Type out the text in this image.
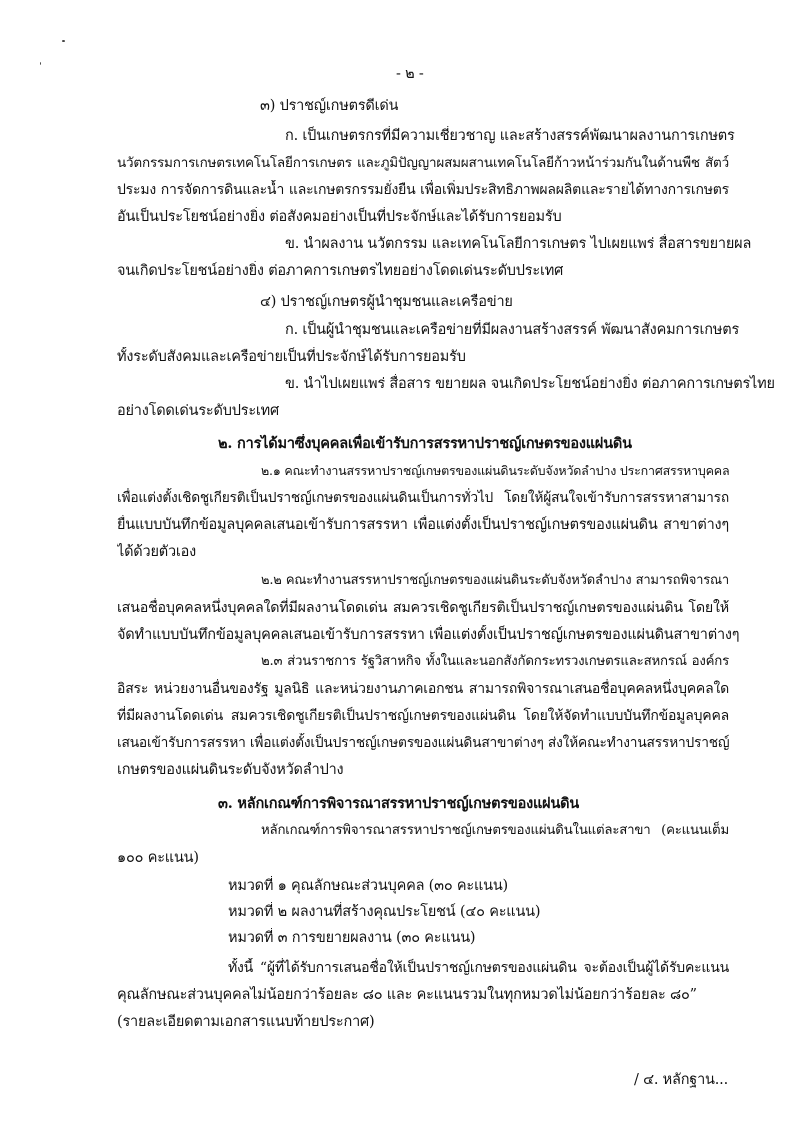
- ๒ -
๓) ปราชญ์เกษตรดีเด่น
ก. เป็นเกษตรกรที่มีความเชี่ยวชาญ และสร้างสรรค์พัฒนาผลงานการเกษตร
นวัตกรรมการเกษตรเทคโนโลยีการเกษตร และภูมิปัญญาผสมผสานเทคโนโลยีก้าวหน้าร่วมกันในด้านพืช สัตว์
ประมง การจัดการดินและน้ำ และเกษตรกรรมยั่งยืน เพื่อเพิ่มประสิทธิภาพผลผลิตและรายได้ทางการเกษตร
อันเป็นประโยชน์อย่างยิ่ง ต่อสังคมอย่างเป็นที่ประจักษ์และได้รับการยอมรับ
ข. นำผลงาน นวัตกรรม และเทคโนโลยีการเกษตร ไปเผยแพร่ สื่อสารขยายผล
จนเกิดประโยชน์อย่างยิ่ง ต่อภาคการเกษตรไทยอย่างโดดเด่นระดับประเทศ
๔) ปราชญ์เกษตรผู้นำชุมชนและเครือข่าย
ก. เป็นผู้นำชุมชนและเครือข่ายที่มีผลงานสร้างสรรค์ พัฒนาสังคมการเกษตร
ทั้งระดับสังคมและเครือข่ายเป็นที่ประจักษ์ได้รับการยอมรับ
ข. นำไปเผยแพร่ สื่อสาร ขยายผล จนเกิดประโยชน์อย่างยิ่ง ต่อภาคการเกษตรไทย
อย่างโดดเด่นระดับประเทศ
๒. การได้มาซึ่งบุคคลเพื่อเข้ารับการสรรหาปราชญ์เกษตรของแผ่นดิน
๒.๑ คณะทำงานสรรหาปราชญ์เกษตรของแผ่นดินระดับจังหวัดลำปาง ประกาศสรรหาบุคคล
เพื่อแต่งตั้งเชิดชูเกียรติเป็นปราชญ์เกษตรของแผ่นดินเป็นการทั่วไป โดยให้ผู้สนใจเข้ารับการสรรหาสามารถ
ยื่นแบบบันทึกข้อมูลบุคคลเสนอเข้ารับการสรรหา เพื่อแต่งตั้งเป็นปราชญ์เกษตรของแผ่นดิน สาขาต่างๆ
ได้ด้วยตัวเอง
๒.๒ คณะทำงานสรรหาปราชญ์เกษตรของแผ่นดินระดับจังหวัดลำปาง สามารถพิจารณา
เสนอชื่อบุคคลหนึ่งบุคคลใดที่มีผลงานโดดเด่น สมควรเชิดชูเกียรติเป็นปราชญ์เกษตรของแผ่นดิน โดยให้
จัดทำแบบบันทึกข้อมูลบุคคลเสนอเข้ารับการสรรหา เพื่อแต่งตั้งเป็นปราชญ์เกษตรของแผ่นดินสาขาต่างๆ
๒.๓ ส่วนราชการ รัฐวิสาหกิจ ทั้งในและนอกสังกัดกระทรวงเกษตรและสหกรณ์ องค์กร
อิสระ หน่วยงานอื่นของรัฐ มูลนิธิ และหน่วยงานภาคเอกชน สามารถพิจารณาเสนอชื่อบุคคลหนึ่งบุคคลใด
ที่มีผลงานโดดเด่น สมควรเชิดชูเกียรติเป็นปราชญ์เกษตรของแผ่นดิน โดยให้จัดทำแบบบันทึกข้อมูลบุคคล
เสนอเข้ารับการสรรหา เพื่อแต่งตั้งเป็นปราชญ์เกษตรของแผ่นดินสาขาต่างๆ ส่งให้คณะทำงานสรรหาปราชญ์
เกษตรของแผ่นดินระดับจังหวัดลำปาง
๓. หลักเกณฑ์การพิจารณาสรรหาปราชญ์เกษตรของแผ่นดิน
หลักเกณฑ์การพิจารณาสรรหาปราชญ์เกษตรของแผ่นดินในแต่ละสาขา (คะแนนเต็ม
๑๐๐ คะแนน)
หมวดที่ ๑ คุณลักษณะส่วนบุคคล (๓๐ คะแนน)
หมวดที่ ๒ ผลงานที่สร้างคุณประโยชน์ (๔๐ คะแนน)
หมวดที่ ๓ การขยายผลงาน (๓๐ คะแนน)
ทั้งนี้ “ผู้ที่ได้รับการเสนอชื่อให้เป็นปราชญ์เกษตรของแผ่นดิน จะต้องเป็นผู้ได้รับคะแนน
คุณลักษณะส่วนบุคคลไม่น้อยกว่าร้อยละ ๘๐ และ คะแนนรวมในทุกหมวดไม่น้อยกว่าร้อยละ ๘๐”
(รายละเอียดตามเอกสารแนบท้ายประกาศ)
/ ๔. หลักฐาน...
